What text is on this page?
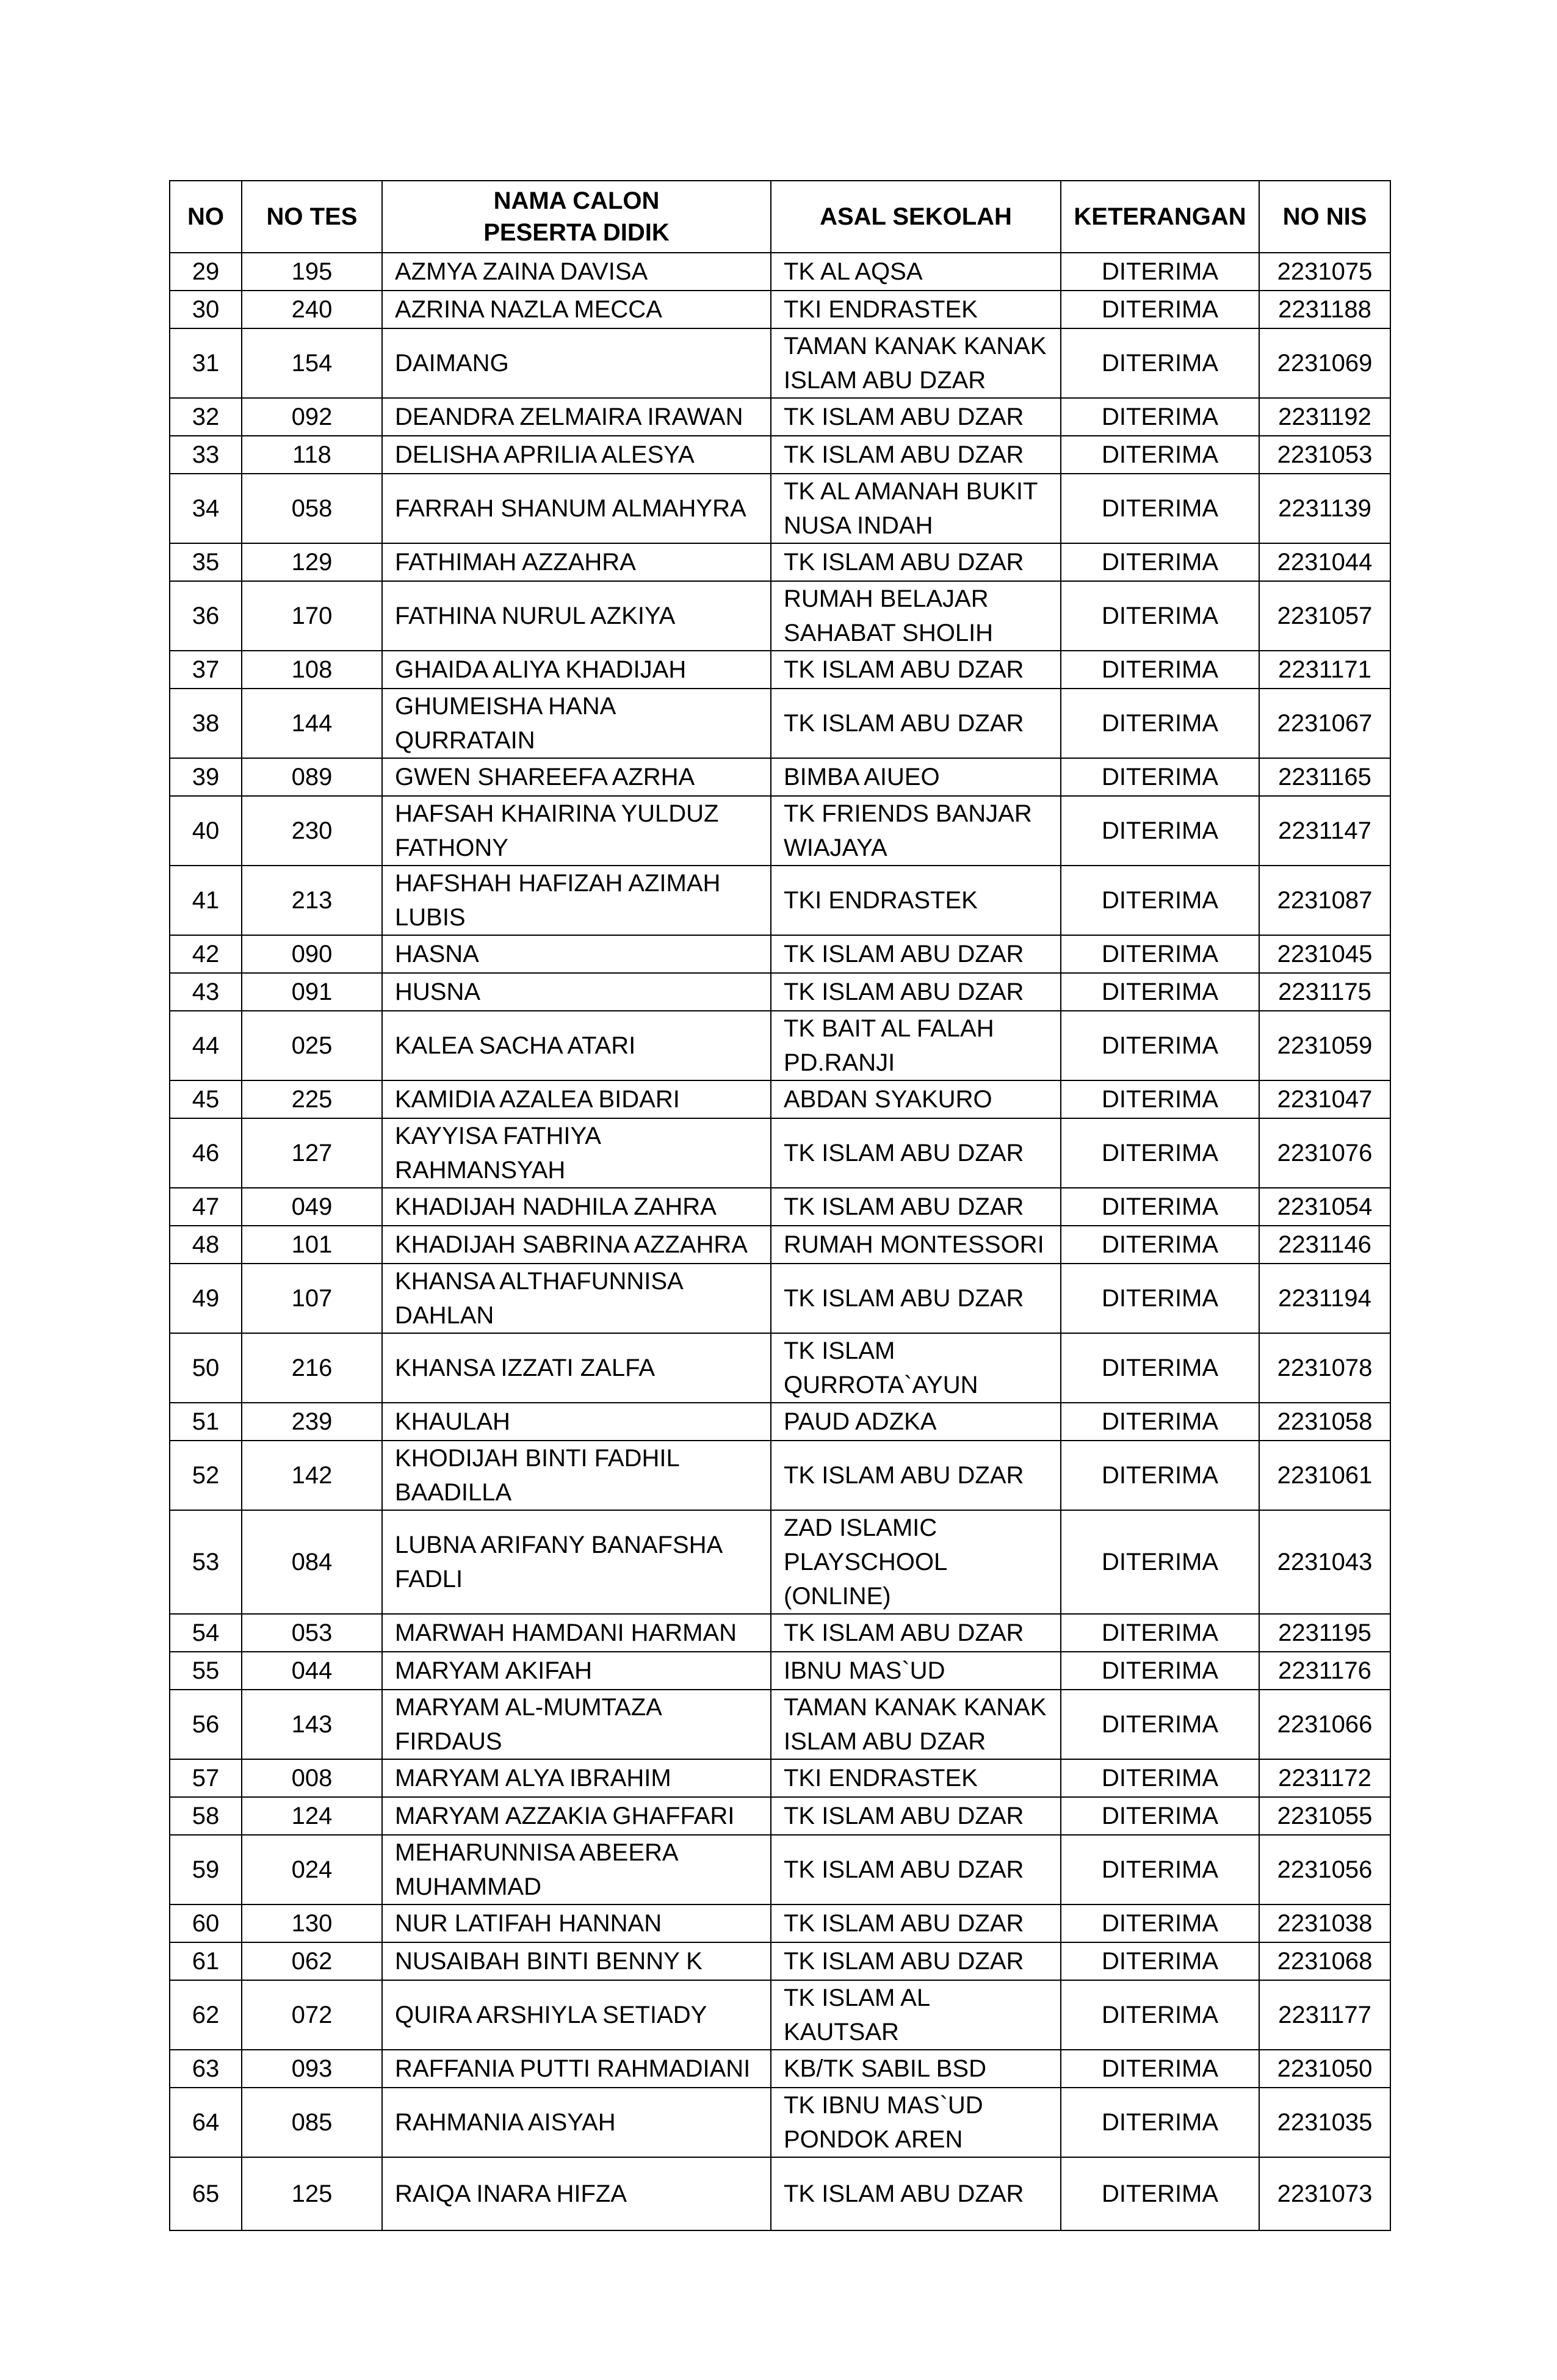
NO	NO TES	NAMA CALON
PESERTA DIDIK	ASAL SEKOLAH	KETERANGAN	NO NIS
29	195	AZMYA ZAINA DAVISA	TK AL AQSA	DITERIMA	2231075
30	240	AZRINA NAZLA MECCA	TKI ENDRASTEK	DITERIMA	2231188
31	154	DAIMANG	TAMAN KANAK KANAK
ISLAM ABU DZAR	DITERIMA	2231069
32	092	DEANDRA ZELMAIRA IRAWAN	TK ISLAM ABU DZAR	DITERIMA	2231192
33	118	DELISHA APRILIA ALESYA	TK ISLAM ABU DZAR	DITERIMA	2231053
34	058	FARRAH SHANUM ALMAHYRA	TK AL AMANAH BUKIT
NUSA INDAH	DITERIMA	2231139
35	129	FATHIMAH AZZAHRA	TK ISLAM ABU DZAR	DITERIMA	2231044
36	170	FATHINA NURUL AZKIYA	RUMAH BELAJAR
SAHABAT SHOLIH	DITERIMA	2231057
37	108	GHAIDA ALIYA KHADIJAH	TK ISLAM ABU DZAR	DITERIMA	2231171
38	144	GHUMEISHA HANA
QURRATAIN	TK ISLAM ABU DZAR	DITERIMA	2231067
39	089	GWEN SHAREEFA AZRHA	BIMBA AIUEO	DITERIMA	2231165
40	230	HAFSAH KHAIRINA YULDUZ
FATHONY	TK FRIENDS BANJAR
WIAJAYA	DITERIMA	2231147
41	213	HAFSHAH HAFIZAH AZIMAH
LUBIS	TKI ENDRASTEK	DITERIMA	2231087
42	090	HASNA	TK ISLAM ABU DZAR	DITERIMA	2231045
43	091	HUSNA	TK ISLAM ABU DZAR	DITERIMA	2231175
44	025	KALEA SACHA ATARI	TK BAIT AL FALAH
PD.RANJI	DITERIMA	2231059
45	225	KAMIDIA AZALEA BIDARI	ABDAN SYAKURO	DITERIMA	2231047
46	127	KAYYISA FATHIYA
RAHMANSYAH	TK ISLAM ABU DZAR	DITERIMA	2231076
47	049	KHADIJAH NADHILA ZAHRA	TK ISLAM ABU DZAR	DITERIMA	2231054
48	101	KHADIJAH SABRINA AZZAHRA	RUMAH MONTESSORI	DITERIMA	2231146
49	107	KHANSA ALTHAFUNNISA
DAHLAN	TK ISLAM ABU DZAR	DITERIMA	2231194
50	216	KHANSA IZZATI ZALFA	TK ISLAM
QURROTA`AYUN	DITERIMA	2231078
51	239	KHAULAH	PAUD ADZKA	DITERIMA	2231058
52	142	KHODIJAH BINTI FADHIL
BAADILLA	TK ISLAM ABU DZAR	DITERIMA	2231061
53	084	LUBNA ARIFANY BANAFSHA
FADLI	ZAD ISLAMIC
PLAYSCHOOL (ONLINE)	DITERIMA	2231043
54	053	MARWAH HAMDANI HARMAN	TK ISLAM ABU DZAR	DITERIMA	2231195
55	044	MARYAM AKIFAH	IBNU MAS`UD	DITERIMA	2231176
56	143	MARYAM AL-MUMTAZA
FIRDAUS	TAMAN KANAK KANAK
ISLAM ABU DZAR	DITERIMA	2231066
57	008	MARYAM ALYA IBRAHIM	TKI ENDRASTEK	DITERIMA	2231172
58	124	MARYAM AZZAKIA GHAFFARI	TK ISLAM ABU DZAR	DITERIMA	2231055
59	024	MEHARUNNISA ABEERA
MUHAMMAD	TK ISLAM ABU DZAR	DITERIMA	2231056
60	130	NUR LATIFAH HANNAN	TK ISLAM ABU DZAR	DITERIMA	2231038
61	062	NUSAIBAH BINTI BENNY K	TK ISLAM ABU DZAR	DITERIMA	2231068
62	072	QUIRA ARSHIYLA SETIADY	TK ISLAM AL KAUTSAR	DITERIMA	2231177
63	093	RAFFANIA PUTTI RAHMADIANI	KB/TK SABIL BSD	DITERIMA	2231050
64	085	RAHMANIA AISYAH	TK IBNU MAS`UD
PONDOK AREN	DITERIMA	2231035
65	125	RAIQA INARA HIFZA	TK ISLAM ABU DZAR	DITERIMA	2231073
